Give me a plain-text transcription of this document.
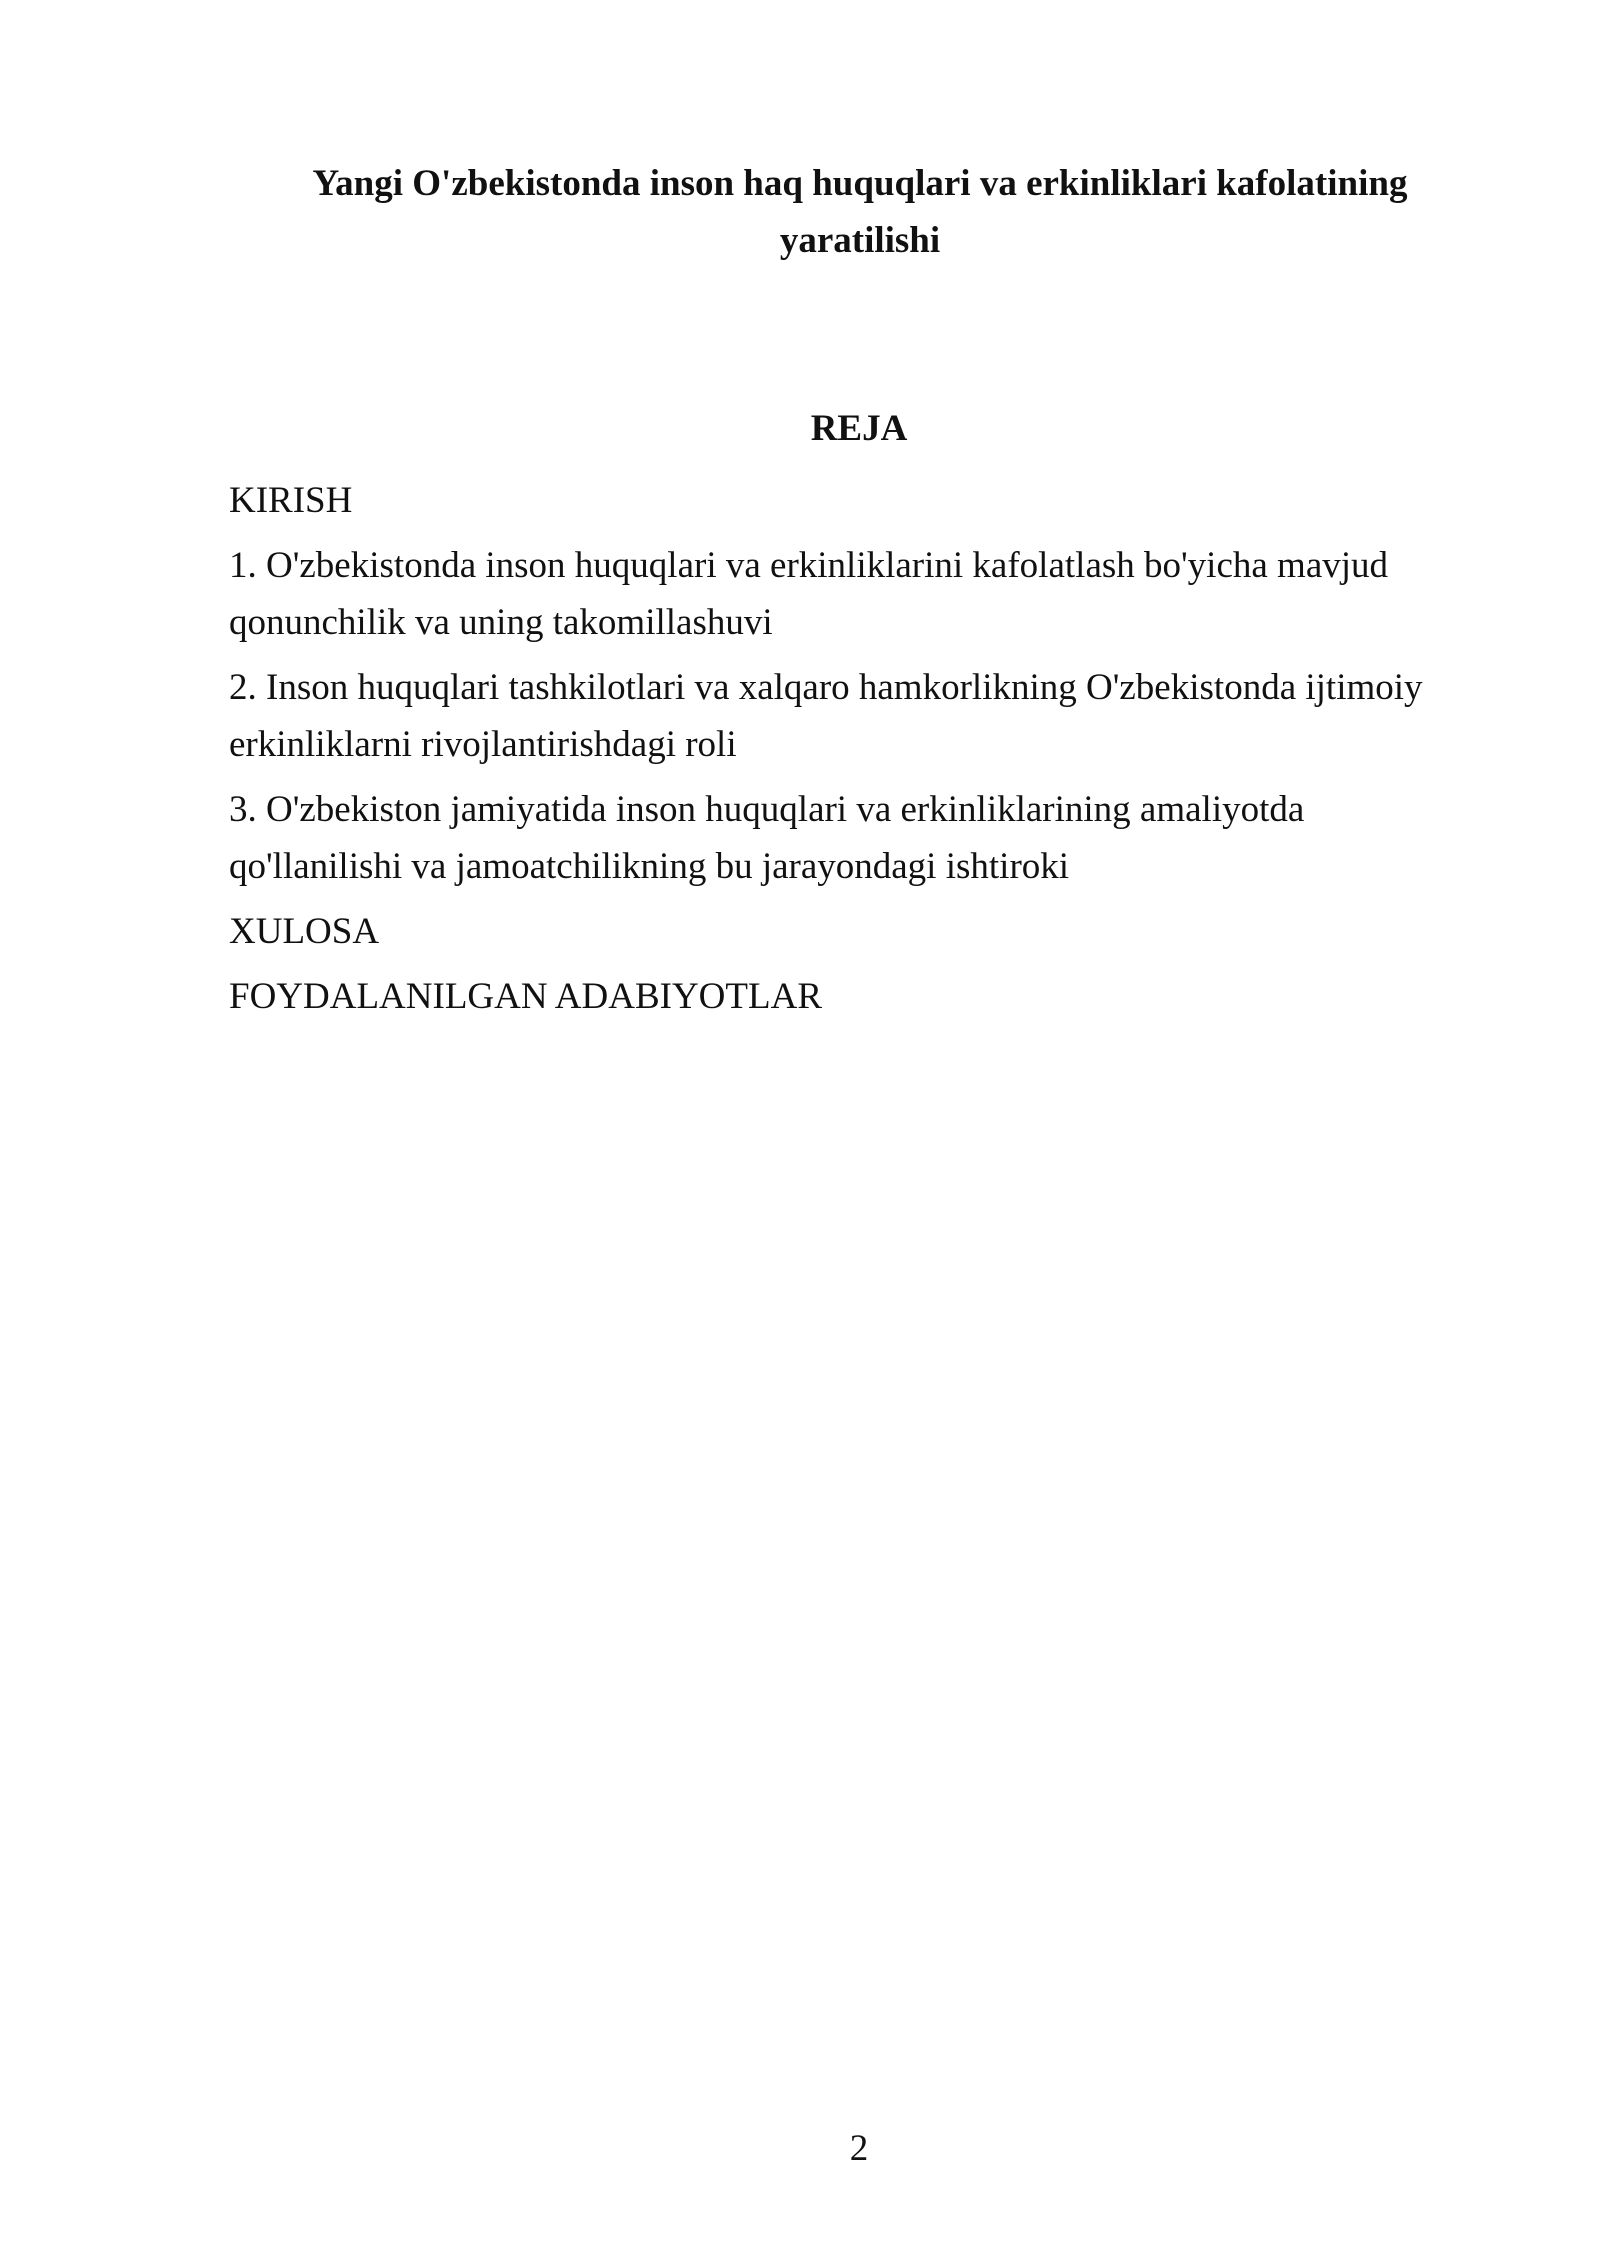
Yangi O'zbekistonda inson haq huquqlari va erkinliklari kafolatining yaratilishi
REJA
KIRISH
1. O'zbekistonda inson huquqlari va erkinliklarini kafolatlash bo'yicha mavjud qonunchilik va uning takomillashuvi
2. Inson huquqlari tashkilotlari va xalqaro hamkorlikning O'zbekistonda ijtimoiy erkinliklarni rivojlantirishdagi roli
3. O'zbekiston jamiyatida inson huquqlari va erkinliklarining amaliyotda qo'llanilishi va jamoatchilikning bu jarayondagi ishtiroki
XULOSA
FOYDALANILGAN ADABIYOTLAR
2
